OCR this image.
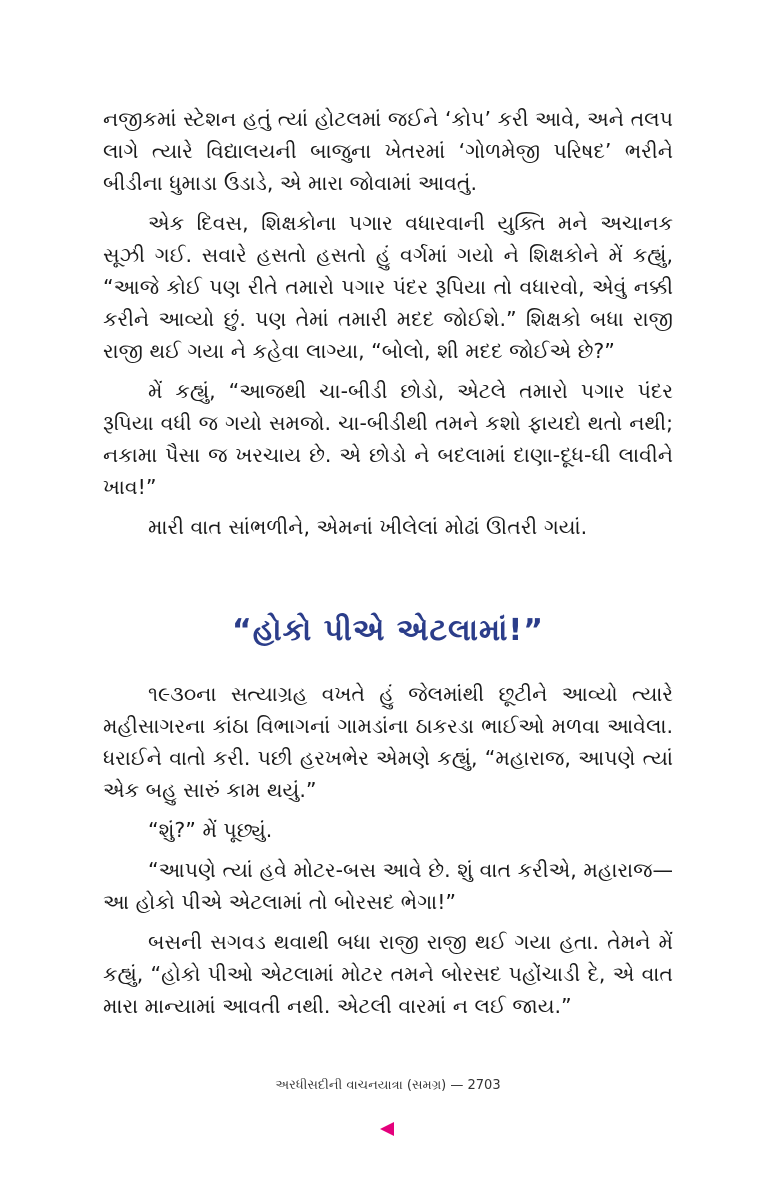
નજીકમાં સ્ટેશન હતું ત્યાં હોટલમાં જઈને ‘કોપ’ કરી આવે, અને તલપ લાગે ત્યારે વિદ્યાલયની બાજુના ખેતરમાં ‘ગોળમેજી પરિષદ’ ભરીને બીડીના ધુમાડા ઉડાડે, એ મારા જોવામાં આવતું.

એક દિવસ, શિક્ષકોના પગાર વધારવાની યુક્તિ મને અચાનક સૂઝી ગઈ. સવારે હસતો હસતો હું વર્ગમાં ગયો ને શિક્ષકોને મેં કહ્યું, “આજે કોઈ પણ રીતે તમારો પગાર પંદર રૂપિયા તો વધારવો, એવું નક્કી કરીને આવ્યો છું. પણ તેમાં તમારી મદદ જોઈશે.” શિક્ષકો બધા રાજી રાજી થઈ ગયા ને કહેવા લાગ્યા, “બોલો, શી મદદ જોઈએ છે?”

મેં કહ્યું, “આજથી ચા-બીડી છોડો, એટલે તમારો પગાર પંદર રૂપિયા વધી જ ગયો સમજો. ચા-બીડીથી તમને કશો ફાયદો થતો નથી; નકામા પૈસા જ ખરચાય છે. એ છોડો ને બદલામાં દાણા-દૂધ-ઘી લાવીને ખાવ!”

મારી વાત સાંભળીને, એમનાં ખીલેલાં મોઢાં ઊતરી ગયાં.

“હોકો પીએ એટલામાં!”

૧૯૩૦ના સત્યાગ્રહ વખતે હું જેલમાંથી છૂટીને આવ્યો ત્યારે મહીસાગરના કાંઠા વિભાગનાં ગામડાંના ઠાકરડા ભાઈઓ મળવા આવેલા. ધરાઈને વાતો કરી. પછી હરખભેર એમણે કહ્યું, “મહારાજ, આપણે ત્યાં એક બહુ સારું કામ થયું.”

“શું?” મેં પૂછ્યું.

“આપણે ત્યાં હવે મોટર-બસ આવે છે. શું વાત કરીએ, મહારાજ—આ હોકો પીએ એટલામાં તો બોરસદ ભેગા!”

બસની સગવડ થવાથી બધા રાજી રાજી થઈ ગયા હતા. તેમને મેં કહ્યું, “હોકો પીઓ એટલામાં મોટર તમને બોરસદ પહોંચાડી દે, એ વાત મારા માન્યામાં આવતી નથી. એટલી વારમાં ન લઈ જાય.”

અરધીસદીની વાચનયાત્રા (સમગ્ર) — 2703
